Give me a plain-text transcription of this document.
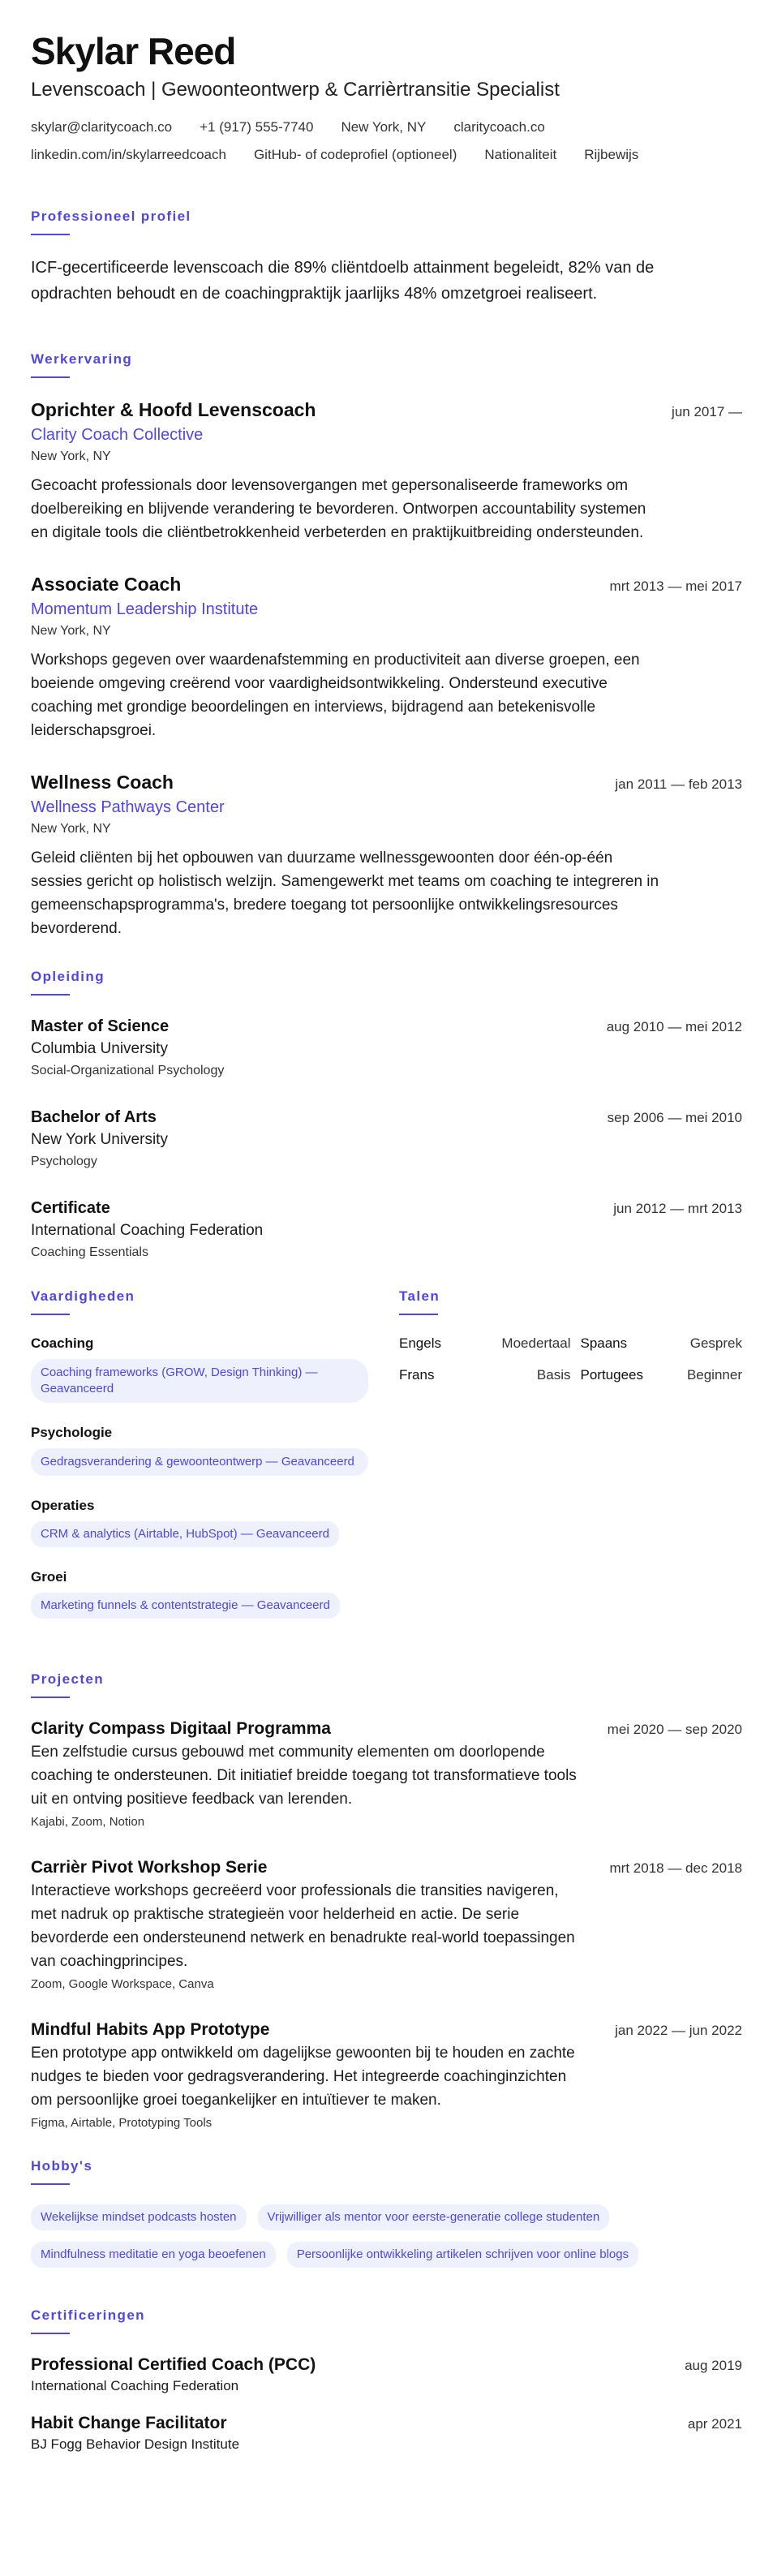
Skylar Reed
Levenscoach | Gewoonteontwerp & Carrièrtransitie Specialist
skylar@claritycoach.co +1 (917) 555-7740 New York, NY claritycoach.co
linkedin.com/in/skylarreedcoach GitHub- of codeprofiel (optioneel) Nationaliteit Rijbewijs
Professioneel profiel
ICF-gecertificeerde levenscoach die 89% cliëntdoelb attainment begeleidt, 82% van de opdrachten behoudt en de coachingpraktijk jaarlijks 48% omzetgroei realiseert.
Werkervaring
Oprichter & Hoofd Levenscoach	jun 2017 —
Clarity Coach Collective
New York, NY
Gecoacht professionals door levensovergangen met gepersonaliseerde frameworks om doelbereiking en blijvende verandering te bevorderen. Ontworpen accountability systemen en digitale tools die cliëntbetrokkenheid verbeterden en praktijkuitbreiding ondersteunden.
Associate Coach	mrt 2013 — mei 2017
Momentum Leadership Institute
New York, NY
Workshops gegeven over waardenafstemming en productiviteit aan diverse groepen, een boeiende omgeving creërend voor vaardigheidsontwikkeling. Ondersteund executive coaching met grondige beoordelingen en interviews, bijdragend aan betekenisvolle leiderschapsgroei.
Wellness Coach	jan 2011 — feb 2013
Wellness Pathways Center
New York, NY
Geleid cliënten bij het opbouwen van duurzame wellnessgewoonten door één-op-één sessies gericht op holistisch welzijn. Samengewerkt met teams om coaching te integreren in gemeenschapsprogramma's, bredere toegang tot persoonlijke ontwikkelingsresources bevorderend.
Opleiding
Master of Science	aug 2010 — mei 2012
Columbia University
Social-Organizational Psychology
Bachelor of Arts	sep 2006 — mei 2010
New York University
Psychology
Certificate	jun 2012 — mrt 2013
International Coaching Federation
Coaching Essentials
Vaardigheden
Coaching
Coaching frameworks (GROW, Design Thinking) — Geavanceerd
Psychologie
Gedragsverandering & gewoonteontwerp — Geavanceerd
Operaties
CRM & analytics (Airtable, HubSpot) — Geavanceerd
Groei
Marketing funnels & contentstrategie — Geavanceerd
Talen
Engels	Moedertaal Spaans	Gesprek
Frans	Basis Portugees	Beginner
Projecten
Clarity Compass Digitaal Programma	mei 2020 — sep 2020
Een zelfstudie cursus gebouwd met community elementen om doorlopende coaching te ondersteunen. Dit initiatief breidde toegang tot transformatieve tools uit en ontving positieve feedback van lerenden.
Kajabi, Zoom, Notion
Carrièr Pivot Workshop Serie	mrt 2018 — dec 2018
Interactieve workshops gecreëerd voor professionals die transities navigeren, met nadruk op praktische strategieën voor helderheid en actie. De serie bevorderde een ondersteunend netwerk en benadrukte real-world toepassingen van coachingprincipes.
Zoom, Google Workspace, Canva
Mindful Habits App Prototype	jan 2022 — jun 2022
Een prototype app ontwikkeld om dagelijkse gewoonten bij te houden en zachte nudges te bieden voor gedragsverandering. Het integreerde coachinginzichten om persoonlijke groei toegankelijker en intuïtiever te maken.
Figma, Airtable, Prototyping Tools
Hobby's
Wekelijkse mindset podcasts hosten	Vrijwilliger als mentor voor eerste-generatie college studenten
Mindfulness meditatie en yoga beoefenen	Persoonlijke ontwikkeling artikelen schrijven voor online blogs
Certificeringen
Professional Certified Coach (PCC)	aug 2019
International Coaching Federation
Habit Change Facilitator	apr 2021
BJ Fogg Behavior Design Institute
